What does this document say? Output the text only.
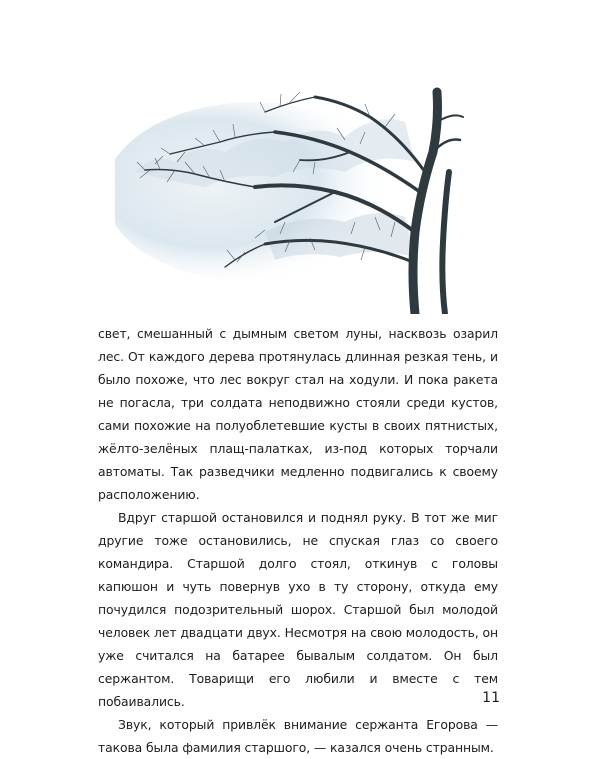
свет, смешанный с дымным светом луны, насквозь озарил лес. От каждого дерева протянулась длинная резкая тень, и было похоже, что лес вокруг стал на ходули. И пока ракета не погасла, три солдата неподвижно стояли среди кустов, сами похожие на полуоблетевшие кусты в своих пятнистых, жёлто-зелёных плащ-палатках, из-под которых торчали автоматы. Так разведчики медленно подвигались к своему расположению.

Вдруг старшой остановился и поднял руку. В тот же миг другие тоже остановились, не спуская глаз со своего командира. Старшой долго стоял, откинув с головы капюшон и чуть повернув ухо в ту сторону, откуда ему почудился подозрительный шорох. Старшой был молодой человек лет двадцати двух. Несмотря на свою молодость, он уже считался на батарее бывалым солдатом. Он был сержантом. Товарищи его любили и вместе с тем побаивались.

Звук, который привлёк внимание сержанта Егорова — такова была фамилия старшого, — казался очень странным.

11
